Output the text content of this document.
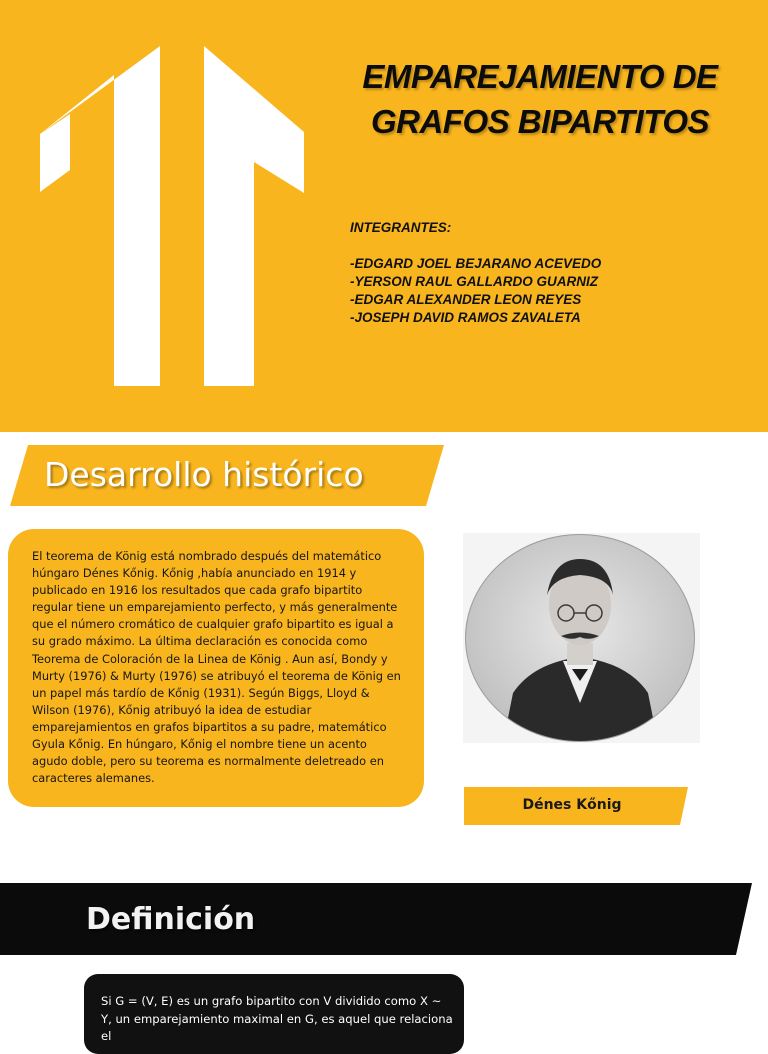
EMPAREJAMIENTO DE
GRAFOS BIPARTITOS
INTEGRANTES:
-EDGARD JOEL BEJARANO ACEVEDO
-YERSON RAUL GALLARDO GUARNIZ
-EDGAR ALEXANDER LEON REYES
-JOSEPH DAVID RAMOS ZAVALETA
Desarrollo histórico

El teorema de König está nombrado después del matemático húngaro Dénes Kőnig. Kőnig ,había anunciado en 1914 y publicado en 1916 los resultados que cada grafo bipartito regular tiene un emparejamiento perfecto, y más generalmente que el número cromático de cualquier grafo bipartito es igual a su grado máximo. La última declaración es conocida como Teorema de Coloración de la Linea de König . Aun así, Bondy y Murty (1976) & Murty (1976) se atribuyó el teorema de König en un papel más tardío de Kőnig (1931). Según Biggs, Lloyd & Wilson (1976), Kőnig atribuyó la idea de estudiar emparejamientos en grafos bipartitos a su padre, matemático Gyula Kőnig. En húngaro, Kőnig el nombre tiene un acento agudo doble, pero su teorema es normalmente deletreado en caracteres alemanes.

Dénes Kőnig
Definición

Si G = (V, E) es un grafo bipartito con V dividido como X ∼ Y, un emparejamiento maximal en G, es aquel que relaciona el
